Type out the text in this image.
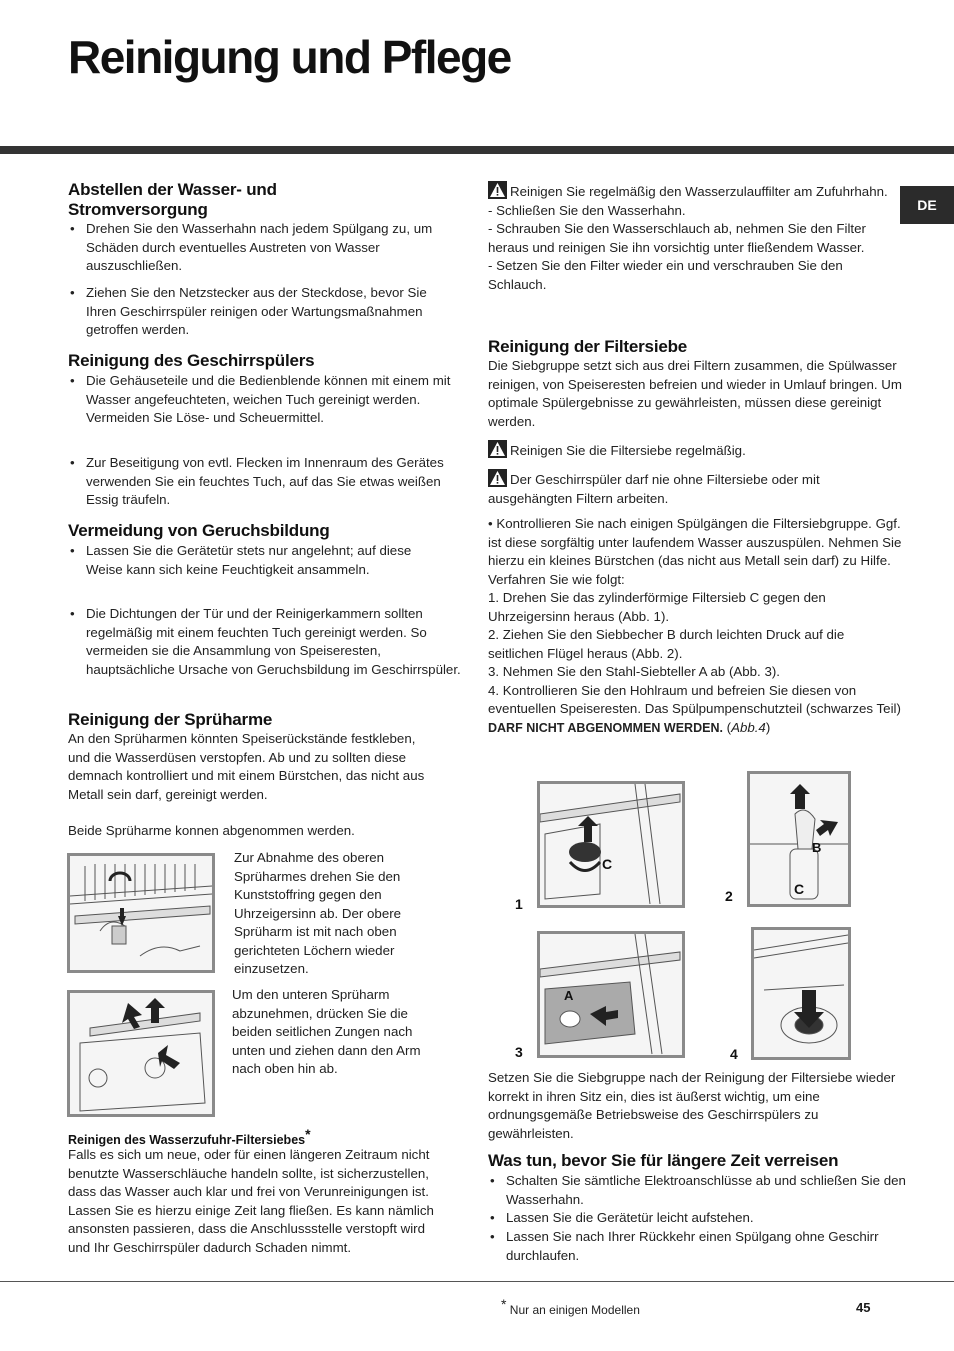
Reinigung und Pflege
DE
Abstellen der Wasser- und Stromversorgung
• Drehen Sie den Wasserhahn nach jedem Spülgang zu, um Schäden durch eventuelles Austreten von Wasser auszuschließen.
• Ziehen Sie den Netzstecker aus der Steckdose, bevor Sie Ihren Geschirrspüler reinigen oder Wartungsmaßnahmen getroffen werden.
Reinigung des Geschirrspülers
• Die Gehäuseteile und die Bedienblende können mit einem mit Wasser angefeuchteten, weichen Tuch gereinigt werden. Vermeiden Sie Löse- und Scheuermittel.
• Zur Beseitigung von evtl. Flecken im Innenraum des Gerätes verwenden Sie ein feuchtes Tuch, auf das Sie etwas weißen Essig träufeln.
Vermeidung von Geruchsbildung
• Lassen Sie die Gerätetür stets nur angelehnt; auf diese Weise kann sich keine Feuchtigkeit ansammeln.
• Die Dichtungen der Tür und der Reinigerkammern sollten regelmäßig mit einem feuchten Tuch gereinigt werden. So vermeiden sie die Ansammlung von Speiseresten, hauptsächliche Ursache von Geruchsbildung im Geschirrspüler.
Reinigung der Sprüharme
An den Sprüharmen könnten Speiserückstände festkleben, und die Wasserdüsen verstopfen. Ab und zu sollten diese demnach kontrolliert und mit einem Bürstchen, das nicht aus Metall sein darf, gereinigt werden.
Beide Sprüharme konnen abgenommen werden.
Zur Abnahme des oberen Sprüharmes drehen Sie den Kunststoffring gegen den Uhrzeigersinn ab. Der obere Sprüharm ist mit nach oben gerichteten Löchern wieder einzusetzen.
Um den unteren Sprüharm abzunehmen, drücken Sie die beiden seitlichen Zungen nach unten und ziehen dann den Arm nach oben hin ab.
Reinigen des Wasserzufuhr-Filtersiebes*
Falls es sich um neue, oder für einen längeren Zeitraum nicht benutzte Wasserschläuche handeln sollte, ist sicherzustellen, dass das Wasser auch klar und frei von Verunreinigungen ist. Lassen Sie es hierzu einige Zeit lang fließen. Es kann nämlich ansonsten passieren, dass die Anschlussstelle verstopft wird und Ihr Geschirrspüler dadurch Schaden nimmt.
Reinigen Sie regelmäßig den Wasserzulauffilter am Zufuhrhahn.
- Schließen Sie den Wasserhahn.
- Schrauben Sie den Wasserschlauch ab, nehmen Sie den Filter heraus und reinigen Sie ihn vorsichtig unter fließendem Wasser.
- Setzen Sie den Filter wieder ein und verschrauben Sie den Schlauch.
Reinigung der Filtersiebe
Die Siebgruppe setzt sich aus drei Filtern zusammen, die Spülwasser reinigen, von Speiseresten befreien und wieder in Umlauf bringen. Um optimale Spülergebnisse zu gewährleisten, müssen diese gereinigt werden.
Reinigen Sie die Filtersiebe regelmäßig.
Der Geschirrspüler darf nie ohne Filtersiebe oder mit ausgehängten Filtern arbeiten.
• Kontrollieren Sie nach einigen Spülgängen die Filtersiebgruppe. Ggf. ist diese sorgfältig unter laufendem Wasser auszuspülen. Nehmen Sie hierzu ein kleines Bürstchen (das nicht aus Metall sein darf) zu Hilfe. Verfahren Sie wie folgt:
1. Drehen Sie das zylinderförmige Filtersieb C gegen den Uhrzeigersinn heraus (Abb. 1).
2. Ziehen Sie den Siebbecher B durch leichten Druck auf die seitlichen Flügel heraus (Abb. 2).
3. Nehmen Sie den Stahl-Siebteller A ab (Abb. 3).
4. Kontrollieren Sie den Hohlraum und befreien Sie diesen von eventuellen Speiseresten. Das Spülpumpenschutzteil (schwarzes Teil) DARF NICHT ABGENOMMEN WERDEN. (Abb.4)
C
1
B
C
2
A
3	4
Setzen Sie die Siebgruppe nach der Reinigung der Filtersiebe wieder korrekt in ihren Sitz ein, dies ist äußerst wichtig, um eine ordnungsgemäße Betriebsweise des Geschirrspülers zu gewährleisten.
Was tun, bevor Sie für längere Zeit verreisen
• Schalten Sie sämtliche Elektroanschlüsse ab und schließen Sie den Wasserhahn.
• Lassen Sie die Gerätetür leicht aufstehen.
• Lassen Sie nach Ihrer Rückkehr einen Spülgang ohne Geschirr durchlaufen.
* Nur an einigen Modellen	45
